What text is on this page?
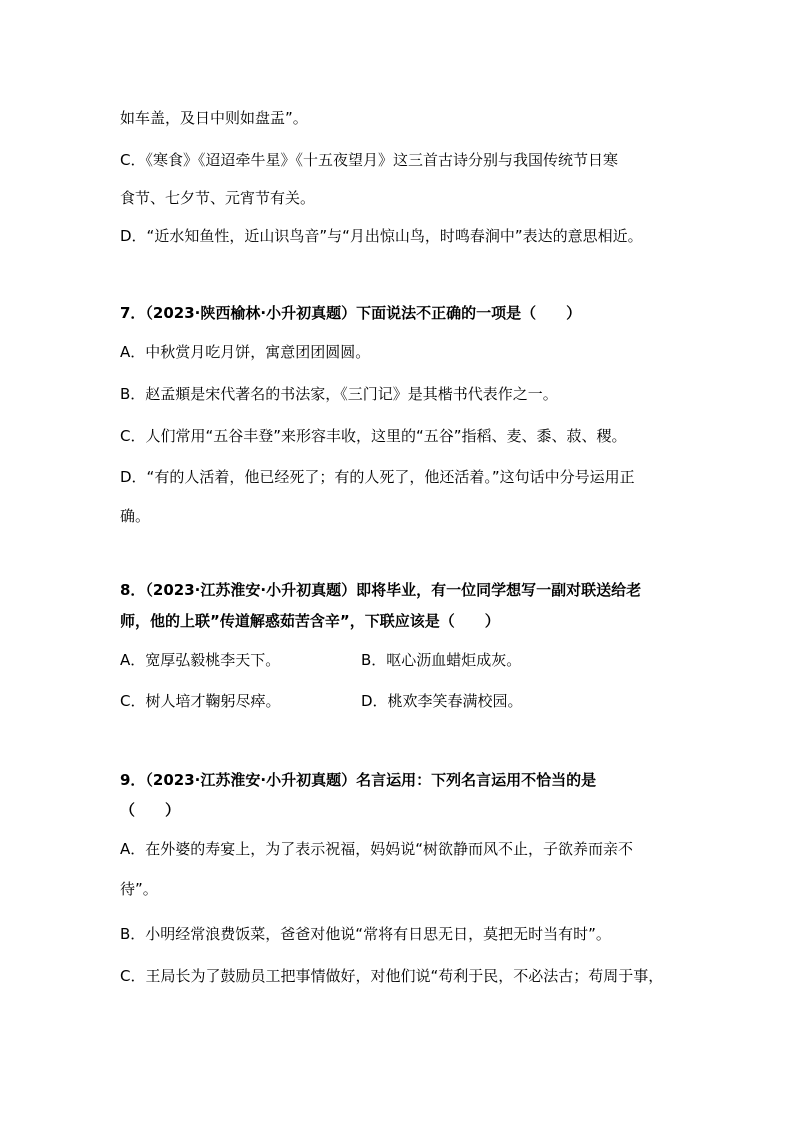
如车盖，及日中则如盘盂”。
C．《寒食》《迢迢牵牛星》《十五夜望月》这三首古诗分别与我国传统节日寒
食节、七夕节、元宵节有关。
D．“近水知鱼性，近山识鸟音”与“月出惊山鸟，时鸣春涧中”表达的意思相近。
7．（2023·陕西榆林·小升初真题）下面说法不正确的一项是（　　）
A．中秋赏月吃月饼，寓意团团圆圆。
B．赵孟頫是宋代著名的书法家，《三门记》是其楷书代表作之一。
C．人们常用“五谷丰登”来形容丰收，这里的“五谷”指稻、麦、黍、菽、稷。
D．“有的人活着，他已经死了；有的人死了，他还活着。”这句话中分号运用正
确。
8．（2023·江苏淮安·小升初真题）即将毕业，有一位同学想写一副对联送给老
师，他的上联”传道解惑茹苦含辛”，下联应该是（　　）
A．宽厚弘毅桃李天下。	B．呕心沥血蜡炬成灰。
C．树人培才鞠躬尽瘁。	D．桃欢李笑春满校园。
9．（2023·江苏淮安·小升初真题）名言运用：下列名言运用不恰当的是
（　　）
A．在外婆的寿宴上，为了表示祝福，妈妈说“树欲静而风不止，子欲养而亲不
待”。
B．小明经常浪费饭菜，爸爸对他说“常将有日思无日，莫把无时当有时”。
C．王局长为了鼓励员工把事情做好，对他们说“苟利于民，不必法古；苟周于事，
